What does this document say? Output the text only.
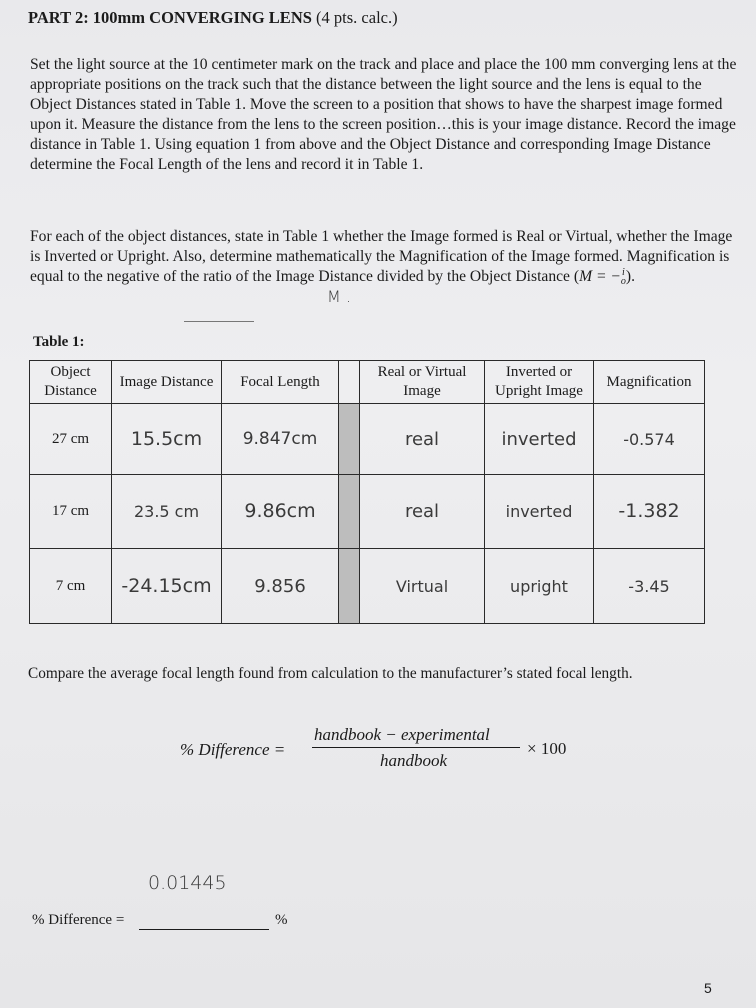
PART 2: 100mm CONVERGING LENS (4 pts. calc.)

Set the light source at the 10 centimeter mark on the track and place and place the 100 mm converging lens at the appropriate positions on the track such that the distance between the light source and the lens is equal to the Object Distances stated in Table 1. Move the screen to a position that shows to have the sharpest image formed upon it. Measure the distance from the lens to the screen position…this is your image distance. Record the image distance in Table 1. Using equation 1 from above and the Object Distance and corresponding Image Distance determine the Focal Length of the lens and record it in Table 1.

For each of the object distances, state in Table 1 whether the Image formed is Real or Virtual, whether the Image is Inverted or Upright. Also, determine mathematically the Magnification of the Image formed. Magnification is equal to the negative of the ratio of the Image Distance divided by the Object Distance (M = −i
o).

M .
Table 1:
Object Distance	Image Distance	Focal Length		Real or Virtual Image	Inverted or Upright Image	Magnification
27 cm	15.5cm	9.847cm		real	inverted	-0.574
17 cm	23.5 cm	9.86cm		real	inverted	-1.382
7 cm	-24.15cm	9.856		Virtual	upright	-3.45
Compare the average focal length found from calculation to the manufacturer’s stated focal length.
% Difference =
handbook − experimental
handbook
× 100
0.01445
% Difference =	%
5
